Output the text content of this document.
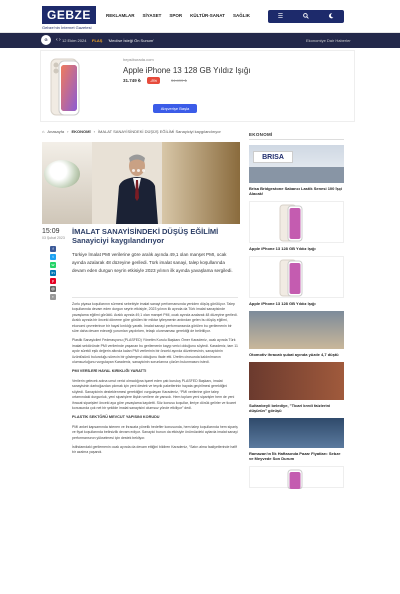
GEBZE
Gebze'nin İnternet Gazetesi
REKLAMLAR SİYASET SPOR KÜLTÜR-SANAT SAĞLIK	☰
G	‹ › 12 Ekim 2024 FLAŞ 'Meclise İsteği Ön Sunum'	Ekonomiye Dair Haberler
hepsiburada.com
Apple iPhone 13 128 GB Yıldız Işığı
31.749 ₺	-8%	34.499 ₺
Alışverişe Başla
⌂ Anasayfa › EKONOMİ › İMALAT SANAYİSİNDEKİ DÜŞÜŞ EĞİLİMİ Sanayiciyi kaygılandırıyor
15:09
03 Şubat 2023
f
t
w
in
p
@
▪
İMALAT SANAYİSİNDEKİ DÜŞÜŞ EĞİLİMİ Sanayiciyi kaygılandırıyor
Türkiye İmalat PMI verilerine göre aralık ayında 49,1 olan manşet PMI, ocak ayında azalarak 48 düzeyine geriledi. Türk imalat sanayi, talep koşullarında devam eden durgun seyrin etkisiyle 2023 yılının ilk ayında yavaşlama sergiledi.

Zorlu piyasa koşullarının sürmesi sebebiyle imalat sanayi performansında yeniden düşüş görülüyor. Talep koşullarında devam eden durgun seyrin etkisiyle, 2023 yılının ilk ayında da Türk imalat sanayisinde yavaşlama eğilimi görüldü. Aralık ayında 49,1 olan manşet PMI, ocak ayında azalarak 48 düzeyine geriledi. Aralık ayında bir önceki döneme göre görülen bir miktar iyileşmenin ardından gelen bu düşüş eğilimi, ekonomi çevrelerince bir hayal kırıklığı yarattı. İmalat sanayi performansında görülen bu gerilemenin bir süre daha devam edeceği yorumları yapılırken, telaşlı olunmaması gerektiği de belirtiliyor.

Plastik Sanayicileri Federasyonu (PLASFED) Yönetim Kurulu Başkanı Ömer Karadeniz, ocak ayında Türk imalat sektöründe PMI verilerinde yaşanan bu gerilemenin kaygı verici olduğunu söyledi. Karadeniz, tam 11 aydır sürekli eşik değerin altında kalan PMI verilerinin bir önceki ayında düzelmesinin, sanayicinin üzüntüsünü bulunduğu sürecin bir göstergesi olduğunu ifade etti. Üretim cirosunda kaldırılmanın olumsuzluğunu vurgulayan Karadeniz, sanayicinin sorunlarına çözüm bulunmasını istedi.

PMI VERİLERİ HAYAL KIRIKLIĞI YARATTI

Verilerin gelecek adına umut verici olmadığına işaret eden çatı kuruluş PLASFED Başkanı, imalat sanayisinin darboğazdan çıkmak için yeni destek ve teşvik paketlerinin hayata geçirilmesi gerektiğini söyledi. Sanayicinin desteklenmesi gerektiğini vurgulayan Karadeniz, “PMI verilerine göre talep ortamındaki durgunluk, yeni siparişlere ilişkin verilere de yansıdı. Hem toplam yeni siparişler hem de yeni ihracat siparişleri önceki aya göre yavaşlama kaydetti. Söz konusu koşullar, ileriye dönük gelirler ve ticaret konusunda çok net bir şekilde imalat sanayisini olumsuz yönde etkiliyor” dedi.

PLASTİK SEKTÖRÜ MEVCUT YAPISINI KORUDU

PMI anket kapsamında istenen ve ihracata yönelik hedefler konusunda, hem talep koşullarında hem sipariş ve fiyat koşullarında belirsizlik devam ediyor. Sanayici bunun da etkisiyle önümüzdeki aylarda imalat sanayi performansının yükselmesi için destek bekliyor.

İstihdamdaki gerilemenin ocak ayında da devam ettiğini bildiren Karadeniz, “Satın alma faaliyetlerinde hafif bir azalma yaşandı.

EKONOMİ
BRISA
Brisa Bridgestone Sabancı Lastik Senesi 100 İşçi Alacak!
Apple iPhone 13 128 GB Yıldız Işığı
Apple iPhone 13 128 GB Yıldız Işığı
Otomotiv ihracatı şubat ayında yüzde 4,7 düştü
Sultanbeyli belediye, "Ticari kredi faizlerini düşürün" görüşü
Ramazan'ın İlk Haftasında Pazar Fiyatları: Sebze ve Meyvede Son Durum
